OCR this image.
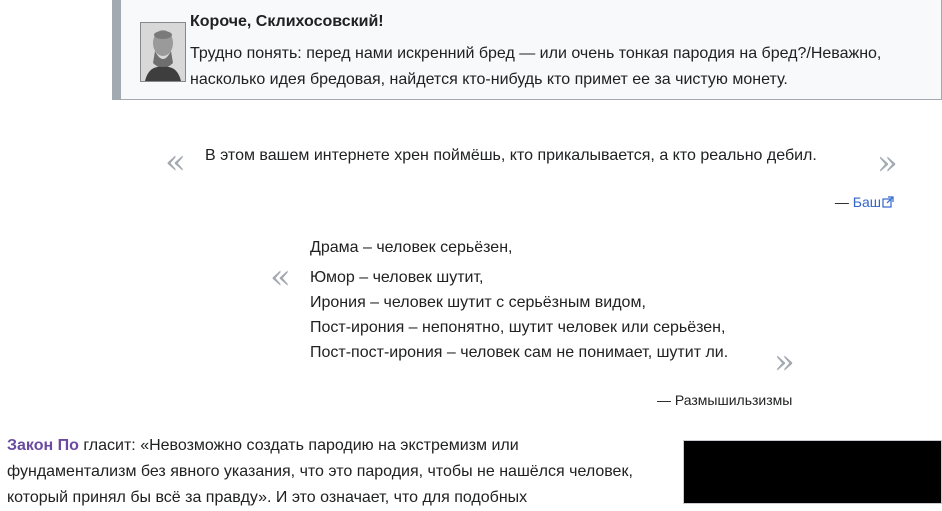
Короче, Склихосовский!
Трудно понять: перед нами искренний бред — или очень тонкая пародия на бред?/Неважно, насколько идея бредовая, найдется кто-нибудь кто примет ее за чистую монету.
« В этом вашем интернете хрен поймёшь, кто прикалывается, а кто реально дебил. »
— Баш
«
Драма – человек серьёзен,
Юмор – человек шутит,
Ирония – человек шутит с серьёзным видом,
Пост-ирония – непонятно, шутит человек или серьёзен,
Пост-пост-ирония – человек сам не понимает, шутит ли. »
— Размышильзизмы
Закон По гласит: «Невозможно создать пародию на экстремизм или фундаментализм без явного указания, что это пародия, чтобы не нашёлся человек, который принял бы всё за правду». И это означает, что для подобных
